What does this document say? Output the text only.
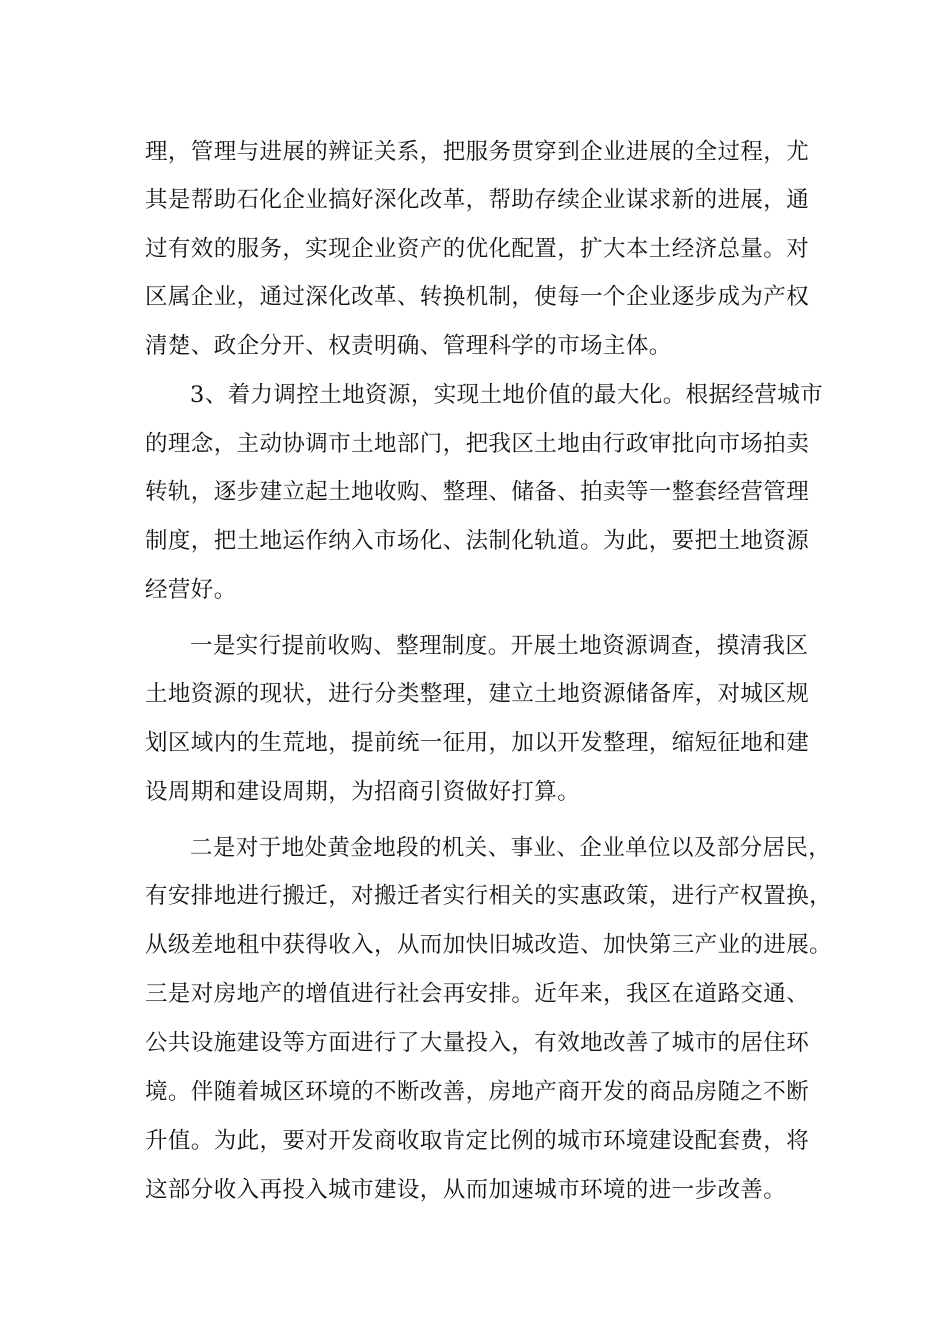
理，管理与进展的辨证关系，把服务贯穿到企业进展的全过程，尤
其是帮助石化企业搞好深化改革，帮助存续企业谋求新的进展，通
过有效的服务，实现企业资产的优化配置，扩大本土经济总量。对
区属企业，通过深化改革、转换机制，使每一个企业逐步成为产权
清楚、政企分开、权责明确、管理科学的市场主体。
3、着力调控土地资源，实现土地价值的最大化。根据经营城市
的理念，主动协调市土地部门，把我区土地由行政审批向市场拍卖
转轨，逐步建立起土地收购、整理、储备、拍卖等一整套经营管理
制度，把土地运作纳入市场化、法制化轨道。为此，要把土地资源
经营好。
一是实行提前收购、整理制度。开展土地资源调查，摸清我区
土地资源的现状，进行分类整理，建立土地资源储备库，对城区规
划区域内的生荒地，提前统一征用，加以开发整理，缩短征地和建
设周期和建设周期，为招商引资做好打算。
二是对于地处黄金地段的机关、事业、企业单位以及部分居民，
有安排地进行搬迁，对搬迁者实行相关的实惠政策，进行产权置换，
从级差地租中获得收入，从而加快旧城改造、加快第三产业的进展。
三是对房地产的增值进行社会再安排。近年来，我区在道路交通、
公共设施建设等方面进行了大量投入，有效地改善了城市的居住环
境。伴随着城区环境的不断改善，房地产商开发的商品房随之不断
升值。为此，要对开发商收取肯定比例的城市环境建设配套费，将
这部分收入再投入城市建设，从而加速城市环境的进一步改善。
